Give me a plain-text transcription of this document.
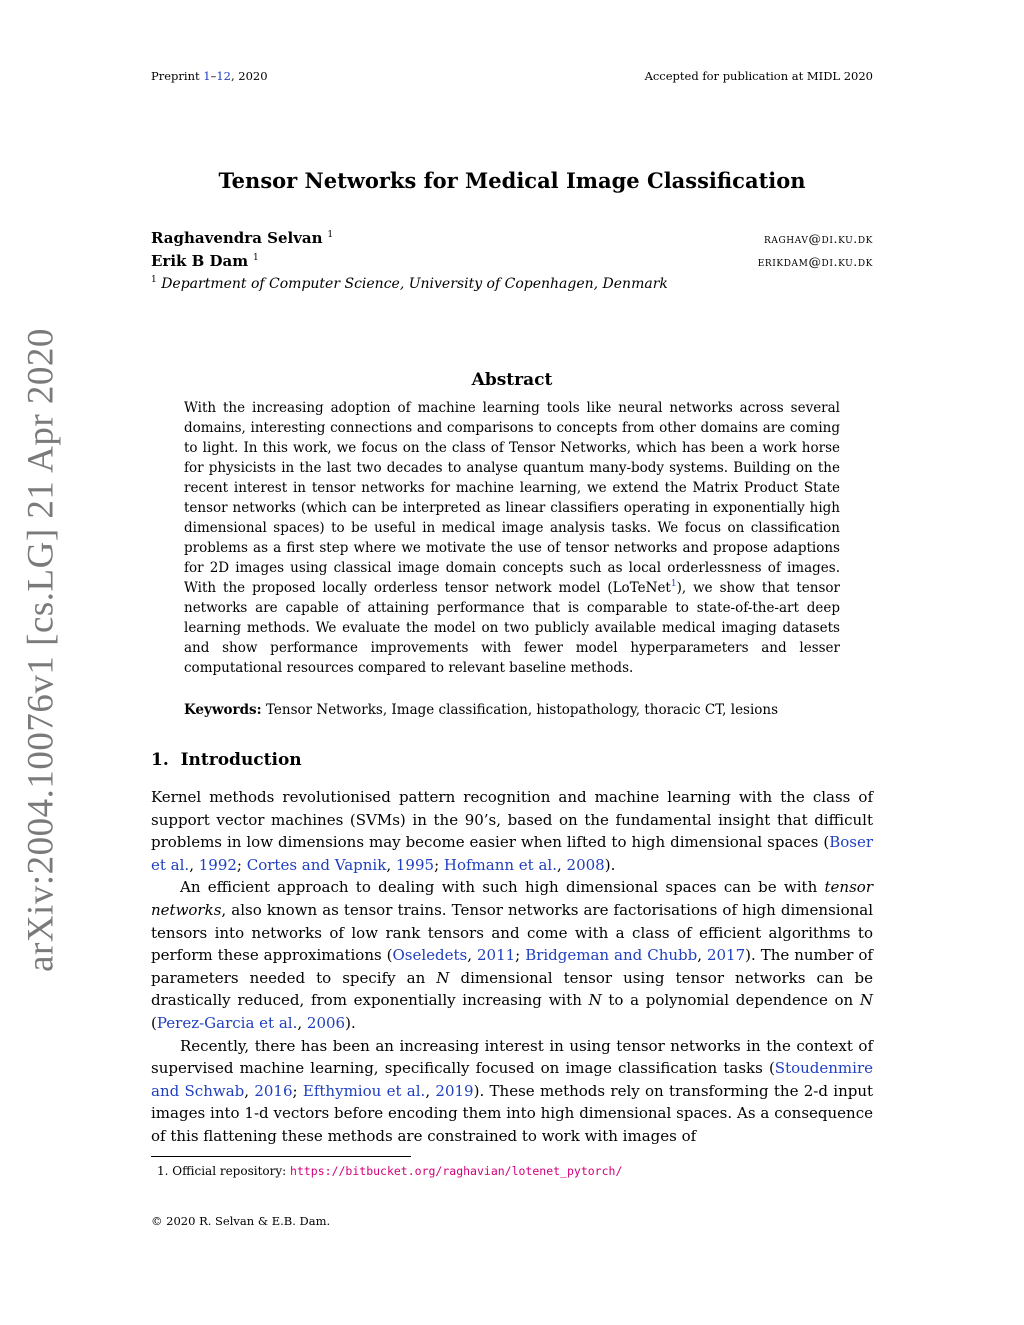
Preprint 1–12, 2020	Accepted for publication at MIDL 2020
arXiv:2004.10076v1 [cs.LG] 21 Apr 2020
Tensor Networks for Medical Image Classification
Raghavendra Selvan $^1$	raghav@di.ku.dk
Erik B Dam $^1$	erikdam@di.ku.dk
$^1$ Department of Computer Science, University of Copenhagen, Denmark
Abstract
With the increasing adoption of machine learning tools like neural networks across several domains, interesting connections and comparisons to concepts from other domains are coming to light. In this work, we focus on the class of Tensor Networks, which has been a work horse for physicists in the last two decades to analyse quantum many-body systems. Building on the recent interest in tensor networks for machine learning, we extend the Matrix Product State tensor networks (which can be interpreted as linear classifiers operating in exponentially high dimensional spaces) to be useful in medical image analysis tasks. We focus on classification problems as a first step where we motivate the use of tensor networks and propose adaptions for 2D images using classical image domain concepts such as local orderlessness of images. With the proposed locally orderless tensor network model (LoTeNet$^1$), we show that tensor networks are capable of attaining performance that is comparable to state-of-the-art deep learning methods. We evaluate the model on two publicly available medical imaging datasets and show performance improvements with fewer model hyperparameters and lesser computational resources compared to relevant baseline methods.
Keywords: Tensor Networks, Image classification, histopathology, thoracic CT, lesions
1. Introduction

Kernel methods revolutionised pattern recognition and machine learning with the class of support vector machines (SVMs) in the 90’s, based on the fundamental insight that difficult problems in low dimensions may become easier when lifted to high dimensional spaces (Boser et al., 1992; Cortes and Vapnik, 1995; Hofmann et al., 2008).

An efficient approach to dealing with such high dimensional spaces can be with tensor networks, also known as tensor trains. Tensor networks are factorisations of high dimensional tensors into networks of low rank tensors and come with a class of efficient algorithms to perform these approximations (Oseledets, 2011; Bridgeman and Chubb, 2017). The number of parameters needed to specify an N dimensional tensor using tensor networks can be drastically reduced, from exponentially increasing with N to a polynomial dependence on N (Perez-Garcia et al., 2006).

Recently, there has been an increasing interest in using tensor networks in the context of supervised machine learning, specifically focused on image classification tasks (Stoudenmire and Schwab, 2016; Efthymiou et al., 2019). These methods rely on transforming the 2-d input images into 1-d vectors before encoding them into high dimensional spaces. As a consequence of this flattening these methods are constrained to work with images of

1. Official repository: https://bitbucket.org/raghavian/lotenet_pytorch/
© 2020 R. Selvan & E.B. Dam.
